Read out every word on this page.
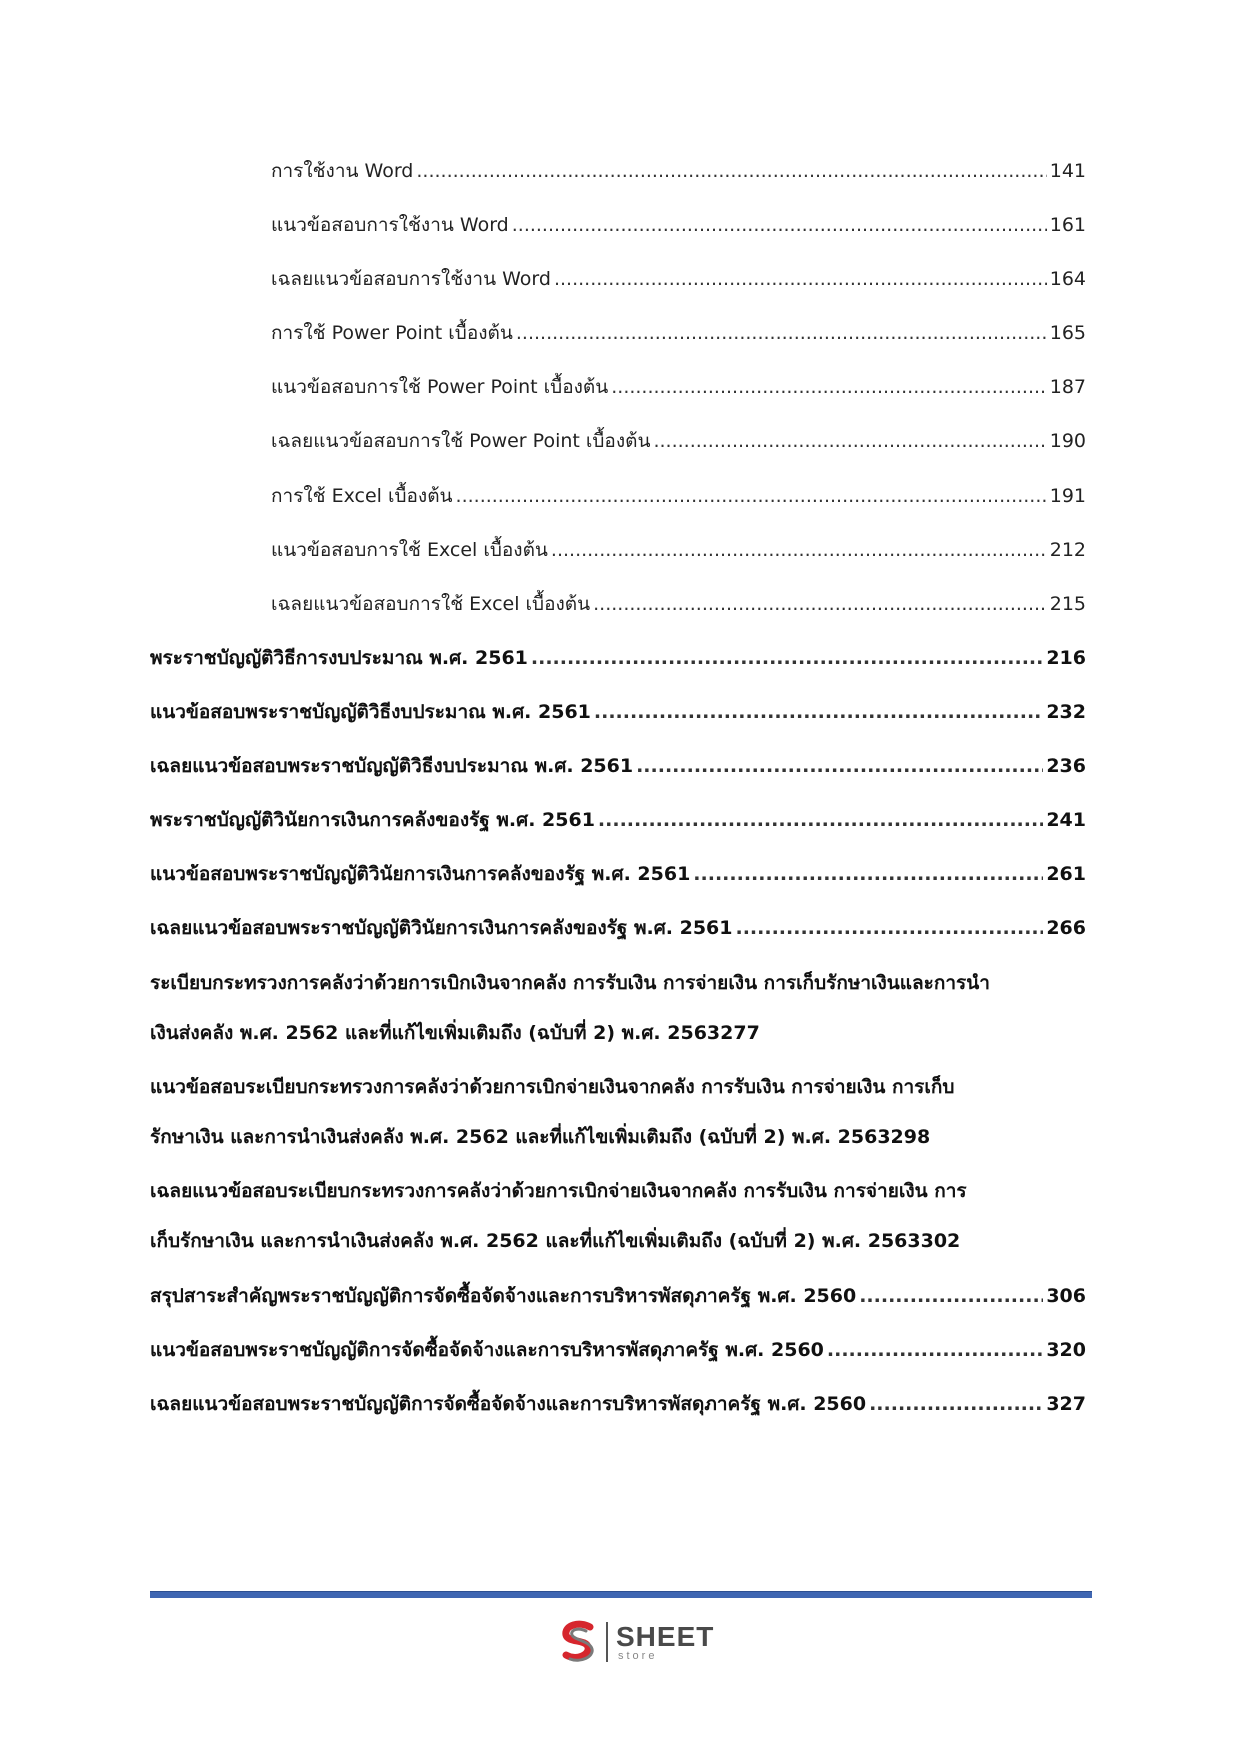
การใช้งาน Word .....	141
แนวข้อสอบการใช้งาน Word .....	161
เฉลยแนวข้อสอบการใช้งาน Word .....	164
การใช้ Power Point เบื้องต้น .....	165
แนวข้อสอบการใช้ Power Point เบื้องต้น .....	187
เฉลยแนวข้อสอบการใช้ Power Point เบื้องต้น .....	190
การใช้ Excel เบื้องต้น .....	191
แนวข้อสอบการใช้ Excel เบื้องต้น .....	212
เฉลยแนวข้อสอบการใช้ Excel เบื้องต้น .....	215
พระราชบัญญัติวิธีการงบประมาณ พ.ศ. 2561 .....	216
แนวข้อสอบพระราชบัญญัติวิธีงบประมาณ พ.ศ. 2561 .....	232
เฉลยแนวข้อสอบพระราชบัญญัติวิธีงบประมาณ พ.ศ. 2561 .....	236
พระราชบัญญัติวินัยการเงินการคลังของรัฐ พ.ศ. 2561 .....	241
แนวข้อสอบพระราชบัญญัติวินัยการเงินการคลังของรัฐ พ.ศ. 2561 .....	261
เฉลยแนวข้อสอบพระราชบัญญัติวินัยการเงินการคลังของรัฐ พ.ศ. 2561 .....	266
ระเบียบกระทรวงการคลังว่าด้วยการเบิกเงินจากคลัง การรับเงิน การจ่ายเงิน การเก็บรักษาเงินและการนำ
เงินส่งคลัง พ.ศ. 2562 และที่แก้ไขเพิ่มเติมถึง (ฉบับที่ 2) พ.ศ. 2563 277
แนวข้อสอบระเบียบกระทรวงการคลังว่าด้วยการเบิกจ่ายเงินจากคลัง การรับเงิน การจ่ายเงิน การเก็บ
รักษาเงิน และการนำเงินส่งคลัง พ.ศ. 2562 และที่แก้ไขเพิ่มเติมถึง (ฉบับที่ 2) พ.ศ. 2563 298
เฉลยแนวข้อสอบระเบียบกระทรวงการคลังว่าด้วยการเบิกจ่ายเงินจากคลัง การรับเงิน การจ่ายเงิน การ
เก็บรักษาเงิน และการนำเงินส่งคลัง พ.ศ. 2562 และที่แก้ไขเพิ่มเติมถึง (ฉบับที่ 2) พ.ศ. 2563 302
สรุปสาระสำคัญพระราชบัญญัติการจัดซื้อจัดจ้างและการบริหารพัสดุภาครัฐ พ.ศ. 2560 .....	306
แนวข้อสอบพระราชบัญญัติการจัดซื้อจัดจ้างและการบริหารพัสดุภาครัฐ พ.ศ. 2560 .....	320
เฉลยแนวข้อสอบพระราชบัญญัติการจัดซื้อจัดจ้างและการบริหารพัสดุภาครัฐ พ.ศ. 2560 .....	327
SHEET
store
